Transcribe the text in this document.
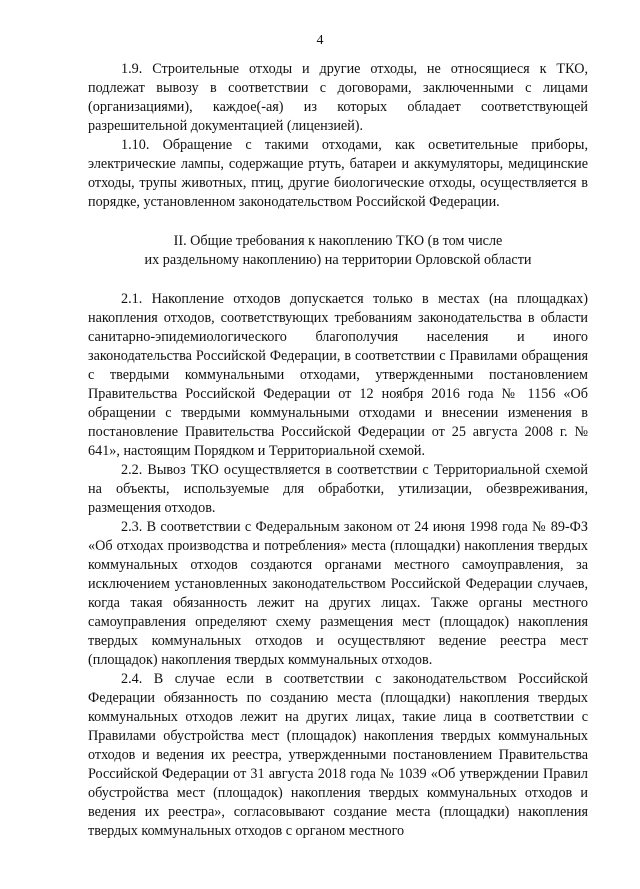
4

1.9. Строительные отходы и другие отходы, не относящиеся к ТКО, подлежат вывозу в соответствии с договорами, заключенными с лицами (организациями), каждое(-ая) из которых обладает соответствующей разрешительной документацией (лицензией).

1.10. Обращение с такими отходами, как осветительные приборы, электрические лампы, содержащие ртуть, батареи и аккумуляторы, медицинские отходы, трупы животных, птиц, другие биологические отходы, осуществляется в порядке, установленном законодательством Российской Федерации.

II. Общие требования к накоплению ТКО (в том числе
их раздельному накоплению) на территории Орловской области

2.1. Накопление отходов допускается только в местах (на площадках) накопления отходов, соответствующих требованиям законодательства в области санитарно-эпидемиологического благополучия населения и иного законодательства Российской Федерации, в соответствии с Правилами обращения с твердыми коммунальными отходами, утвержденными постановлением Правительства Российской Федерации от 12 ноября 2016 года № 1156 «Об обращении с твердыми коммунальными отходами и внесении изменения в постановление Правительства Российской Федерации от 25 августа 2008 г. № 641», настоящим Порядком и Территориальной схемой.

2.2. Вывоз ТКО осуществляется в соответствии с Территориальной схемой на объекты, используемые для обработки, утилизации, обезвреживания, размещения отходов.

2.3. В соответствии с Федеральным законом от 24 июня 1998 года № 89-ФЗ «Об отходах производства и потребления» места (площадки) накопления твердых коммунальных отходов создаются органами местного самоуправления, за исключением установленных законодательством Российской Федерации случаев, когда такая обязанность лежит на других лицах. Также органы местного самоуправления определяют схему размещения мест (площадок) накопления твердых коммунальных отходов и осуществляют ведение реестра мест (площадок) накопления твердых коммунальных отходов.

2.4. В случае если в соответствии с законодательством Российской Федерации обязанность по созданию места (площадки) накопления твердых коммунальных отходов лежит на других лицах, такие лица в соответствии с Правилами обустройства мест (площадок) накопления твердых коммунальных отходов и ведения их реестра, утвержденными постановлением Правительства Российской Федерации от 31 августа 2018 года № 1039 «Об утверждении Правил обустройства мест (площадок) накопления твердых коммунальных отходов и ведения их реестра», согласовывают создание места (площадки) накопления твердых коммунальных отходов с органом местного
